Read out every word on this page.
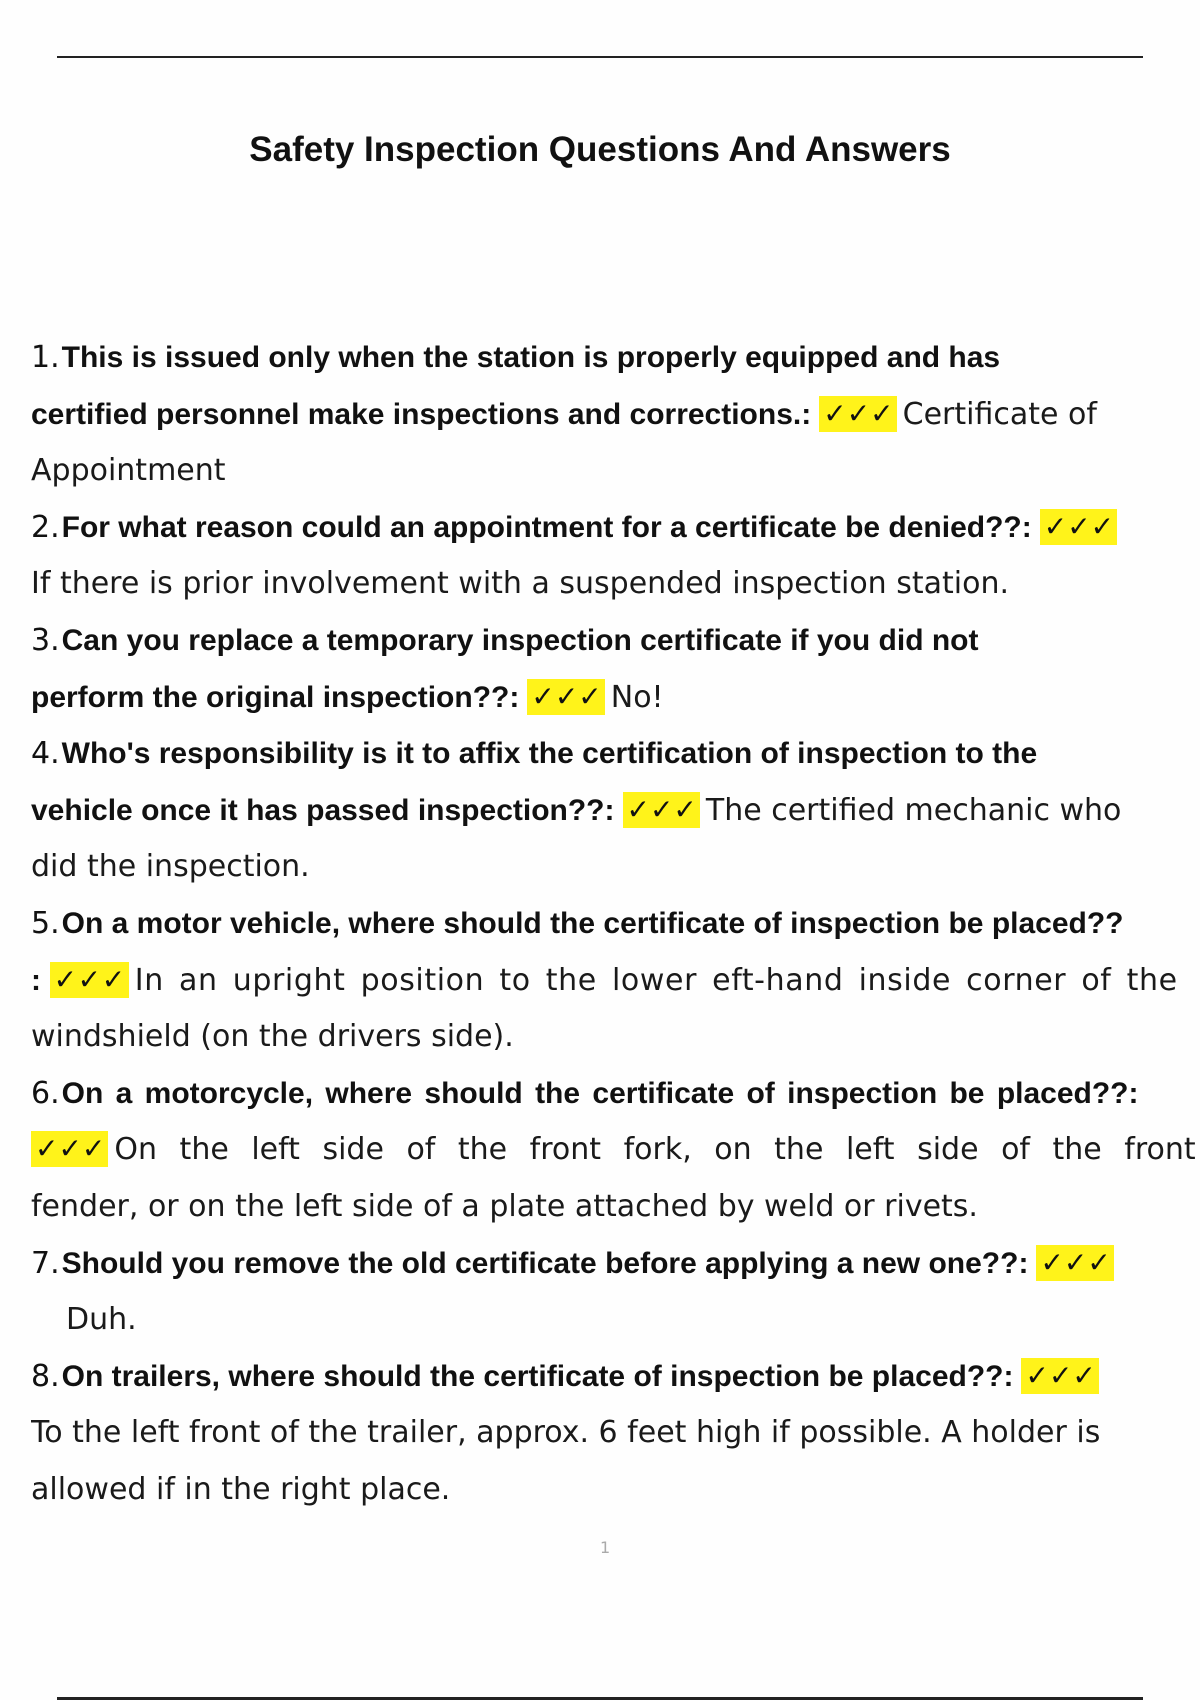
Safety Inspection Questions And Answers
1.This is issued only when the station is properly equipped and has
certified personnel make inspections and corrections.: ✓✓✓ Certificate of
Appointment
2.For what reason could an appointment for a certificate be denied??: ✓✓✓
If there is prior involvement with a suspended inspection station.
3.Can you replace a temporary inspection certificate if you did not
perform the original inspection??: ✓✓✓ No!
4.Who's responsibility is it to affix the certification of inspection to the
vehicle once it has passed inspection??: ✓✓✓ The certified mechanic who
did the inspection.
5.On a motor vehicle, where should the certificate of inspection be placed??
: ✓✓✓ In an upright position to the lower eft-hand inside corner of the
windshield (on the drivers side).
6.On a motorcycle, where should the certificate of inspection be placed??:
✓✓✓ On the left side of the front fork, on the left side of the front
fender, or on the left side of a plate attached by weld or rivets.
7.Should you remove the old certificate before applying a new one??: ✓✓✓
Duh.
8.On trailers, where should the certificate of inspection be placed??: ✓✓✓
To the left front of the trailer, approx. 6 feet high if possible. A holder is
allowed if in the right place.
1
